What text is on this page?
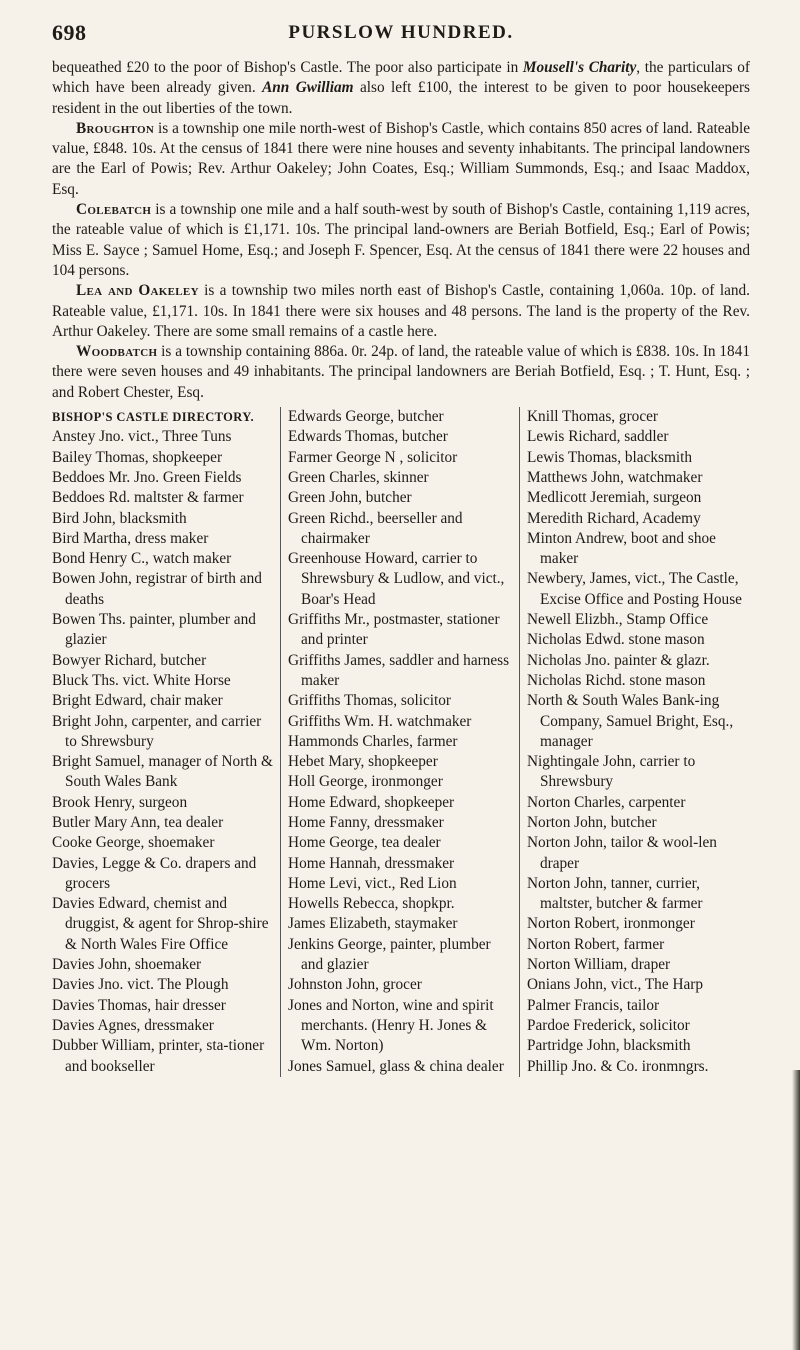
698	PURSLOW HUNDRED.

bequeathed £20 to the poor of Bishop's Castle. The poor also participate in Mousell's Charity, the particulars of which have been already given. Ann Gwilliam also left £100, the interest to be given to poor housekeepers resident in the out liberties of the town.

Broughton is a township one mile north-west of Bishop's Castle, which contains 850 acres of land. Rateable value, £848. 10s. At the census of 1841 there were nine houses and seventy inhabitants. The principal landowners are the Earl of Powis; Rev. Arthur Oakeley; John Coates, Esq.; William Summonds, Esq.; and Isaac Maddox, Esq.

Colebatch is a township one mile and a half south-west by south of Bishop's Castle, containing 1,119 acres, the rateable value of which is £1,171. 10s. The principal land-owners are Beriah Botfield, Esq.; Earl of Powis; Miss E. Sayce ; Samuel Home, Esq.; and Joseph F. Spencer, Esq. At the census of 1841 there were 22 houses and 104 persons.

Lea and Oakeley is a township two miles north east of Bishop's Castle, containing 1,060a. 10p. of land. Rateable value, £1,171. 10s. In 1841 there were six houses and 48 persons. The land is the property of the Rev. Arthur Oakeley. There are some small remains of a castle here.

Woodbatch is a township containing 886a. 0r. 24p. of land, the rateable value of which is £838. 10s. In 1841 there were seven houses and 49 inhabitants. The principal landowners are Beriah Botfield, Esq. ; T. Hunt, Esq. ; and Robert Chester, Esq.

BISHOP'S CASTLE DIRECTORY.

Anstey Jno. vict., Three Tuns

Bailey Thomas, shopkeeper

Beddoes Mr. Jno. Green Fields

Beddoes Rd. maltster & farmer

Bird John, blacksmith

Bird Martha, dress maker

Bond Henry C., watch maker

Bowen John, registrar of birth and deaths

Bowen Ths. painter, plumber and glazier

Bowyer Richard, butcher

Bluck Ths. vict. White Horse

Bright Edward, chair maker

Bright John, carpenter, and carrier to Shrewsbury

Bright Samuel, manager of North & South Wales Bank

Brook Henry, surgeon

Butler Mary Ann, tea dealer

Cooke George, shoemaker

Davies, Legge & Co. drapers and grocers

Davies Edward, chemist and druggist, & agent for Shrop-shire & North Wales Fire Office

Davies John, shoemaker

Davies Jno. vict. The Plough

Davies Thomas, hair dresser

Davies Agnes, dressmaker

Dubber William, printer, sta-tioner and bookseller

Edwards George, butcher

Edwards Thomas, butcher

Farmer George N , solicitor

Green Charles, skinner

Green John, butcher

Green Richd., beerseller and chairmaker

Greenhouse Howard, carrier to Shrewsbury & Ludlow, and vict., Boar's Head

Griffiths Mr., postmaster, stationer and printer

Griffiths James, saddler and harness maker

Griffiths Thomas, solicitor

Griffiths Wm. H. watchmaker

Hammonds Charles, farmer

Hebet Mary, shopkeeper

Holl George, ironmonger

Home Edward, shopkeeper

Home Fanny, dressmaker

Home George, tea dealer

Home Hannah, dressmaker

Home Levi, vict., Red Lion

Howells Rebecca, shopkpr.

James Elizabeth, staymaker

Jenkins George, painter, plumber and glazier

Johnston John, grocer

Jones and Norton, wine and spirit merchants. (Henry H. Jones & Wm. Norton)

Jones Samuel, glass & china dealer

Knill Thomas, grocer

Lewis Richard, saddler

Lewis Thomas, blacksmith

Matthews John, watchmaker

Medlicott Jeremiah, surgeon

Meredith Richard, Academy

Minton Andrew, boot and shoe maker

Newbery, James, vict., The Castle, Excise Office and Posting House

Newell Elizbh., Stamp Office

Nicholas Edwd. stone mason

Nicholas Jno. painter & glazr.

Nicholas Richd. stone mason

North & South Wales Bank-ing Company, Samuel Bright, Esq., manager

Nightingale John, carrier to Shrewsbury

Norton Charles, carpenter

Norton John, butcher

Norton John, tailor & wool-len draper

Norton John, tanner, currier, maltster, butcher & farmer

Norton Robert, ironmonger

Norton Robert, farmer

Norton William, draper

Onians John, vict., The Harp

Palmer Francis, tailor

Pardoe Frederick, solicitor

Partridge John, blacksmith

Phillip Jno. & Co. ironmngrs.
